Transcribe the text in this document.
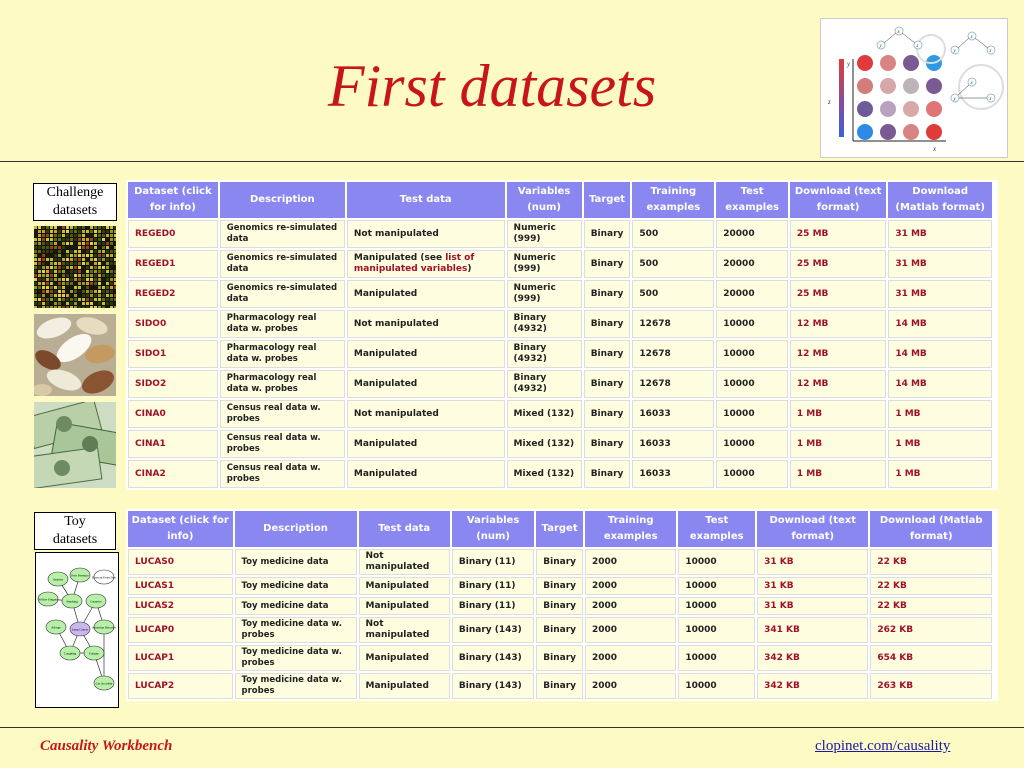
First datasets	z
y
x
x
y	z
x
y	z
x
y	z
Challenge
datasets
Dataset (click for info)	Description	Test data	Variables (num)	Target	Training examples	Test examples	Download (text format)	Download (Matlab format)
REGED0	Genomics re-simulated data	Not manipulated	Numeric (999)	Binary	500	20000	25 MB	31 MB
REGED1	Genomics re-simulated data	Manipulated (see list of manipulated variables)	Numeric (999)	Binary	500	20000	25 MB	31 MB
REGED2	Genomics re-simulated data	Manipulated	Numeric (999)	Binary	500	20000	25 MB	31 MB
SIDO0	Pharmacology real data w. probes	Not manipulated	Binary (4932)	Binary	12678	10000	12 MB	14 MB
SIDO1	Pharmacology real data w. probes	Manipulated	Binary (4932)	Binary	12678	10000	12 MB	14 MB
SIDO2	Pharmacology real data w. probes	Manipulated	Binary (4932)	Binary	12678	10000	12 MB	14 MB
CINA0	Census real data w. probes	Not manipulated	Mixed (132)	Binary	16033	10000	1 MB	1 MB
CINA1	Census real data w. probes	Manipulated	Mixed (132)	Binary	16033	10000	1 MB	1 MB
CINA2	Census real data w. probes	Manipulated	Mixed (132)	Binary	16033	10000	1 MB	1 MB
Toy
datasets
Anxiety
Peer Pressure Born an Even Day
Yellow Fingers	Smoking	Genetics
Allergy	Lung Cancer Attention Disorder
Coughing	Fatigue
Car Accident
Dataset (click for info)	Description	Test data	Variables (num)	Target	Training examples	Test examples	Download (text format)	Download (Matlab format)
LUCAS0	Toy medicine data	Not manipulated	Binary (11)	Binary	2000	10000	31 KB	22 KB
LUCAS1	Toy medicine data	Manipulated	Binary (11)	Binary	2000	10000	31 KB	22 KB
LUCAS2	Toy medicine data	Manipulated	Binary (11)	Binary	2000	10000	31 KB	22 KB
LUCAP0	Toy medicine data w. probes	Not manipulated	Binary (143)	Binary	2000	10000	341 KB	262 KB
LUCAP1	Toy medicine data w. probes	Manipulated	Binary (143)	Binary	2000	10000	342 KB	654 KB
LUCAP2	Toy medicine data w. probes	Manipulated	Binary (143)	Binary	2000	10000	342 KB	263 KB
Causality Workbench	clopinet.com/causality
